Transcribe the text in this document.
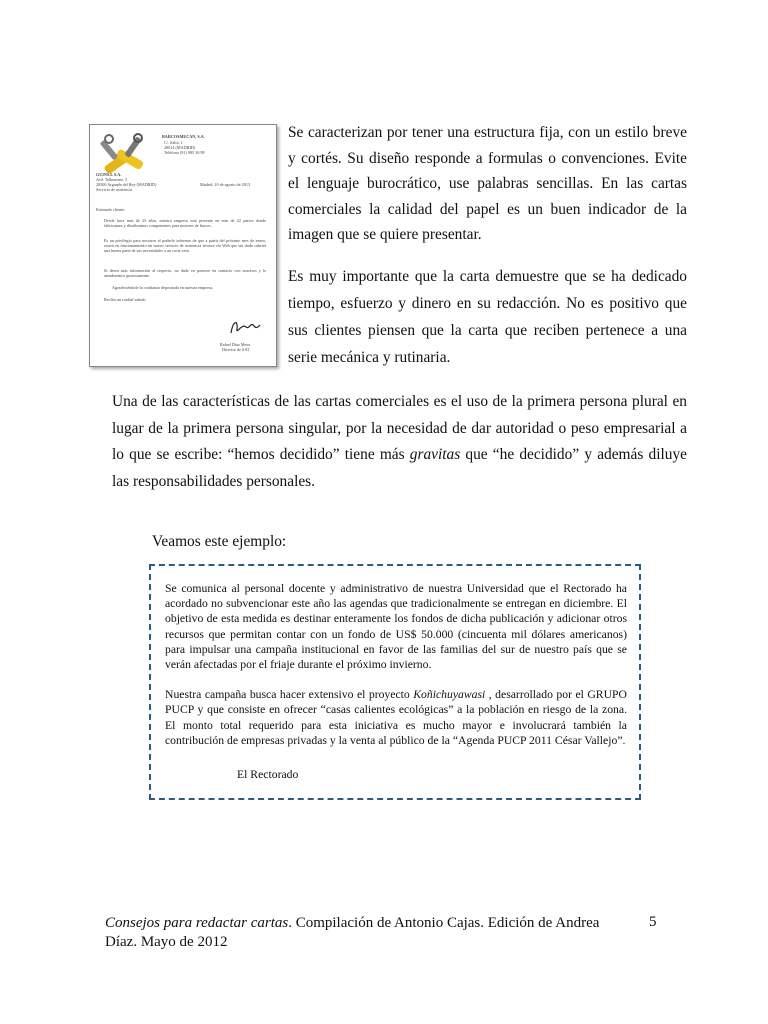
BARCOSMECAN, S.A.
C/. Salió, 1
28014 (MADRID)
Teléfono (91) 985 36 89
GUINS.L S.A.
Avd. Tellmerme, 5
28300 Arganda del Rey (MADRID)
Servicio de asistencia
Madrid, 10 de agosto de 2013
Estimado cliente:
Desde hace más de 25 años, nuestra empresa está presente en más de 22 países donde fabricamos y distribuimos componentes para motores de barcos.
Es un privilegio para nosotros el poderle informar de que a partir del próximo mes de enero, estará en funcionamiento un nuevo servicio de asistencia técnica vía Web que sin duda cubrirá una buena parte de sus necesidades a un coste cero.
Si desea más información al respecto, no dude en ponerse en contacto con nosotros y le atenderemos gustosamente.
Agradeciéndole la confianza depositada en nuestra empresa,
Reciba un cordial saludo.
Rafael Díaz Mesa
Director de SAT

Se caracterizan por tener una estructura fija, con un estilo breve y cortés. Su diseño responde a formulas o convenciones. Evite el lenguaje burocrático, use palabras sencillas. En las cartas comerciales la calidad del papel es un buen indicador de la imagen que se quiere presentar.

Es muy importante que la carta demuestre que se ha dedicado tiempo, esfuerzo y dinero en su redacción. No es positivo que sus clientes piensen que la carta que reciben pertenece a una serie mecánica y rutinaria.

Una de las características de las cartas comerciales es el uso de la primera persona plural en lugar de la primera persona singular, por la necesidad de dar autoridad o peso empresarial a lo que se escribe: “hemos decidido” tiene más gravitas que “he decidido” y además diluye las responsabilidades personales.

Veamos este ejemplo:

Se comunica al personal docente y administrativo de nuestra Universidad que el Rectorado ha acordado no subvencionar este año las agendas que tradicionalmente se entregan en diciembre. El objetivo de esta medida es destinar enteramente los fondos de dicha publicación y adicionar otros recursos que permitan contar con un fondo de US$ 50.000 (cincuenta mil dólares americanos) para impulsar una campaña institucional en favor de las familias del sur de nuestro país que se verán afectadas por el friaje durante el próximo invierno.

Nuestra campaña busca hacer extensivo el proyecto Koñichuyawasi , desarrollado por el GRUPO PUCP y que consiste en ofrecer “casas calientes ecológicas” a la población en riesgo de la zona. El monto total requerido para esta iniciativa es mucho mayor e involucrará también la contribución de empresas privadas y la venta al público de la “Agenda PUCP 2011 César Vallejo”.

El Rectorado
Consejos para redactar cartas. Compilación de Antonio Cajas. Edición de Andrea Díaz. Mayo de 2012
5
